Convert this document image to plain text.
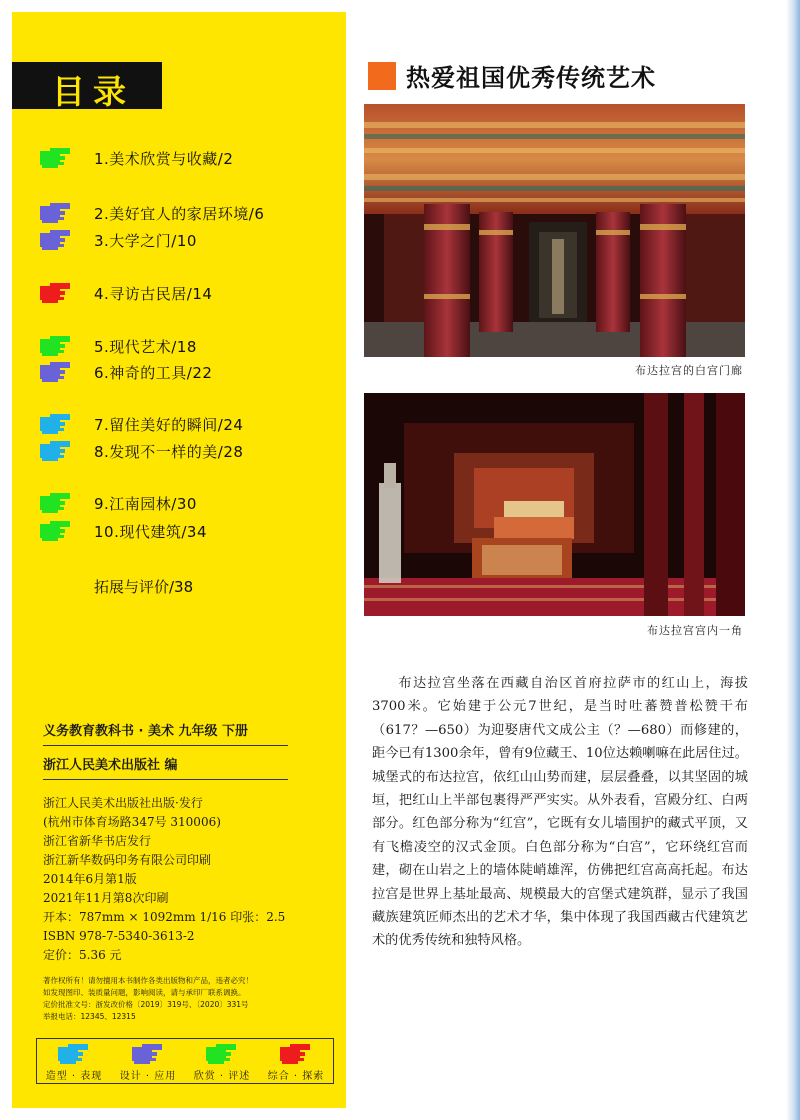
目录
1.美术欣赏与收藏/2
2.美好宜人的家居环境/6
3.大学之门/10
4.寻访古民居/14
5.现代艺术/18
6.神奇的工具/22
7.留住美好的瞬间/24
8.发现不一样的美/28
9.江南园林/30
10.现代建筑/34
拓展与评价/38
义务教育教科书 · 美术 九年级 下册
浙江人民美术出版社 编
浙江人民美术出版社出版·发行
(杭州市体育场路347号 310006)
浙江省新华书店发行
浙江新华数码印务有限公司印刷
2014年6月第1版
2021年11月第8次印刷
开本：787mm × 1092mm 1/16 印张：2.5
ISBN 978-7-5340-3613-2
定价：5.36 元
著作权所有！请勿擅用本书制作各类出版物和产品，违者必究！
如发现图印、装质量问题，影响阅读，请与承印厂联系调换。
定价批准文号：浙发改价格〔2019〕319号、〔2020〕331号
举报电话：12345、12315
造型 · 表现	设计 · 应用	欣赏 · 评述	综合 · 探索
热爱祖国优秀传统艺术
布达拉宫的白宫门廊
布达拉宫宫内一角
布达拉宫坐落在西藏自治区首府拉萨市的红山上，海拔3700米。它始建于公元7世纪，是当时吐蕃赞普松赞干布（617？—650）为迎娶唐代文成公主（？—680）而修建的，距今已有1300余年，曾有9位藏王、10位达赖喇嘛在此居住过。城堡式的布达拉宫，依红山山势而建，层层叠叠，以其坚固的城垣，把红山上半部包裹得严严实实。从外表看，宫殿分红、白两部分。红色部分称为“红宫”，它既有女儿墙围护的藏式平顶，又有飞檐凌空的汉式金顶。白色部分称为“白宫”，它环绕红宫而建，砌在山岩之上的墙体陡峭雄浑，仿佛把红宫高高托起。布达拉宫是世界上基址最高、规模最大的宫堡式建筑群，显示了我国藏族建筑匠师杰出的艺术才华，集中体现了我国西藏古代建筑艺术的优秀传统和独特风格。
